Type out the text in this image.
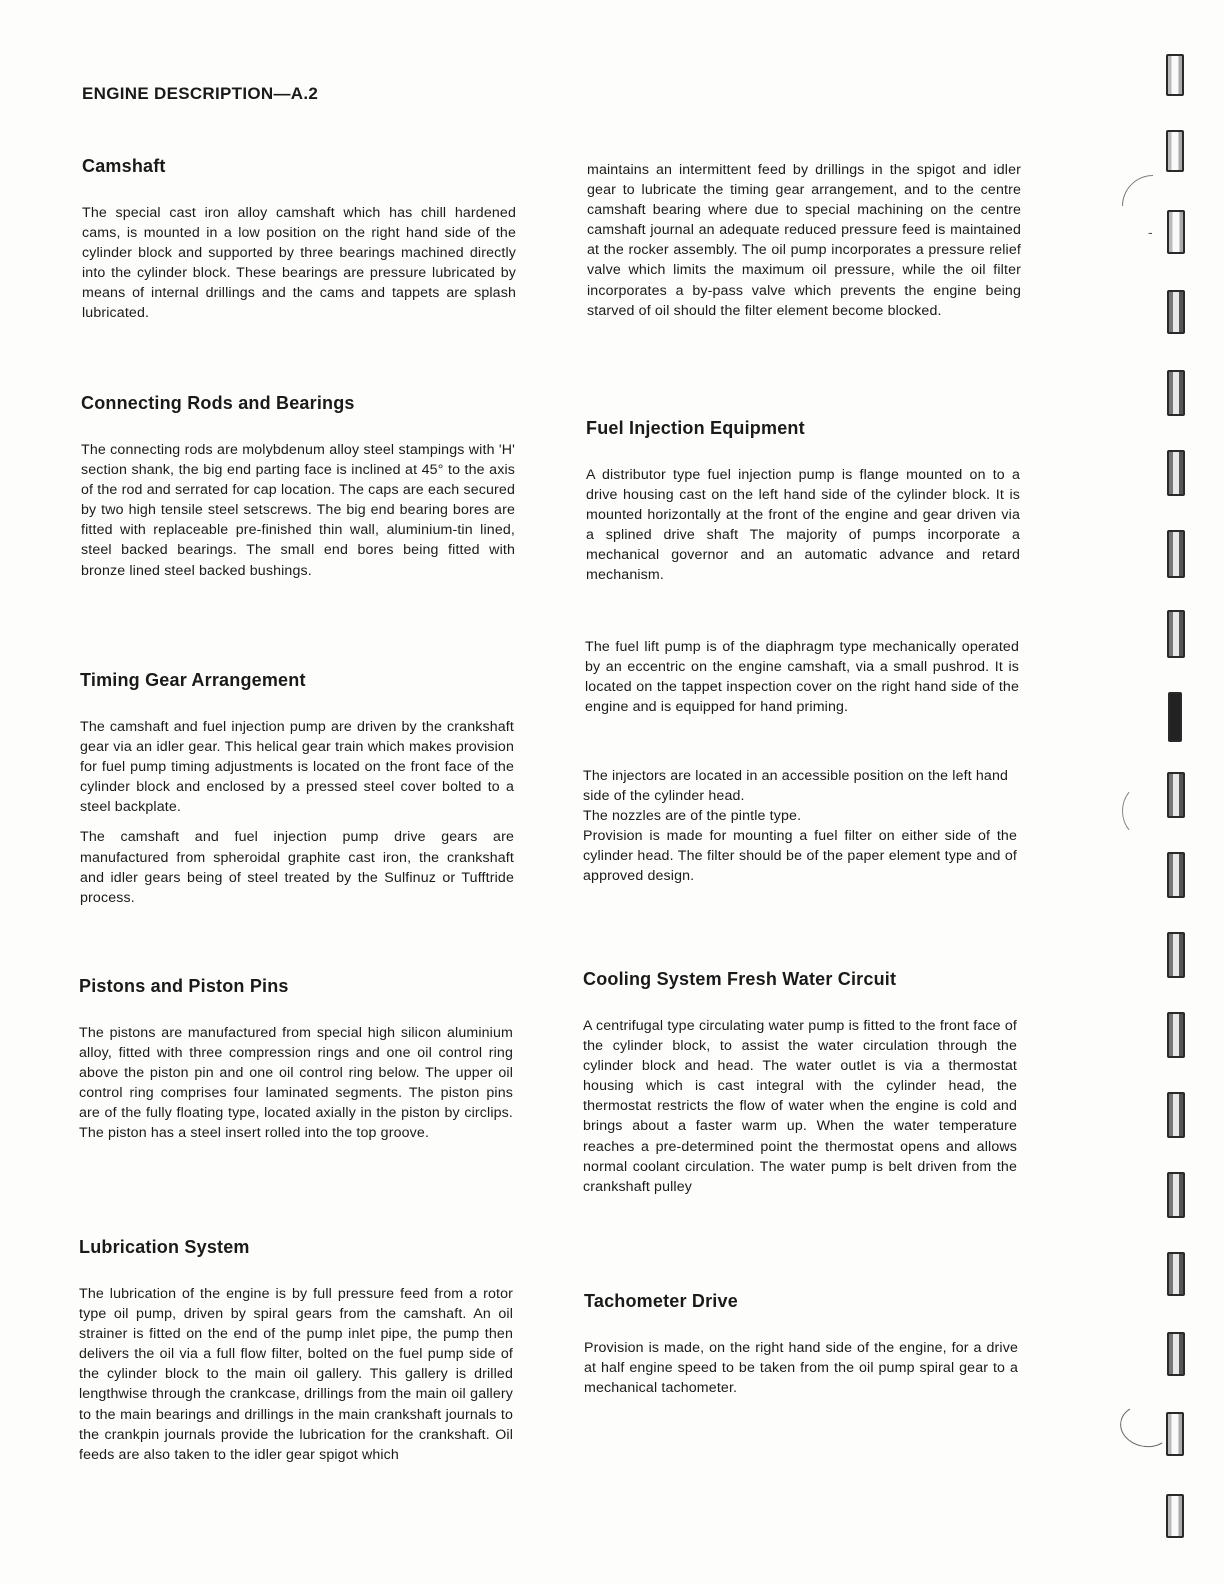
ENGINE DESCRIPTION—A.2
Camshaft

The special cast iron alloy camshaft which has chill hardened cams, is mounted in a low position on the right hand side of the cylinder block and supported by three bearings machined directly into the cylinder block. These bearings are pressure lubricated by means of internal drillings and the cams and tappets are splash lubricated.

Connecting Rods and Bearings

The connecting rods are molybdenum alloy steel stampings with 'H' section shank, the big end parting face is inclined at 45° to the axis of the rod and serrated for cap location. The caps are each secured by two high tensile steel setscrews. The big end bearing bores are fitted with replaceable pre-finished thin wall, aluminium-tin lined, steel backed bearings. The small end bores being fitted with bronze lined steel backed bushings.

Timing Gear Arrangement

The camshaft and fuel injection pump are driven by the crankshaft gear via an idler gear. This helical gear train which makes provision for fuel pump timing adjustments is located on the front face of the cylinder block and enclosed by a pressed steel cover bolted to a steel backplate.

The camshaft and fuel injection pump drive gears are manufactured from spheroidal graphite cast iron, the crankshaft and idler gears being of steel treated by the Sulfinuz or Tufftride process.

Pistons and Piston Pins

The pistons are manufactured from special high silicon aluminium alloy, fitted with three compression rings and one oil control ring above the piston pin and one oil control ring below. The upper oil control ring comprises four laminated segments. The piston pins are of the fully floating type, located axially in the piston by circlips. The piston has a steel insert rolled into the top groove.

Lubrication System

The lubrication of the engine is by full pressure feed from a rotor type oil pump, driven by spiral gears from the camshaft. An oil strainer is fitted on the end of the pump inlet pipe, the pump then delivers the oil via a full flow filter, bolted on the fuel pump side of the cylinder block to the main oil gallery. This gallery is drilled lengthwise through the crankcase, drillings from the main oil gallery to the main bearings and drillings in the main crankshaft journals to the crankpin journals provide the lubrication for the crankshaft. Oil feeds are also taken to the idler gear spigot which

maintains an intermittent feed by drillings in the spigot and idler gear to lubricate the timing gear arrangement, and to the centre camshaft bearing where due to special machining on the centre camshaft journal an adequate reduced pressure feed is maintained at the rocker assembly. The oil pump incorporates a pressure relief valve which limits the maximum oil pressure, while the oil filter incorporates a by-pass valve which prevents the engine being starved of oil should the filter element become blocked.

Fuel Injection Equipment

A distributor type fuel injection pump is flange mounted on to a drive housing cast on the left hand side of the cylinder block. It is mounted horizontally at the front of the engine and gear driven via a splined drive shaft The majority of pumps incorporate a mechanical governor and an automatic advance and retard mechanism.

The fuel lift pump is of the diaphragm type mechanically operated by an eccentric on the engine camshaft, via a small pushrod. It is located on the tappet inspection cover on the right hand side of the engine and is equipped for hand priming.

The injectors are located in an accessible position on the left hand side of the cylinder head.

The nozzles are of the pintle type.

Provision is made for mounting a fuel filter on either side of the cylinder head. The filter should be of the paper element type and of approved design.

Cooling System Fresh Water Circuit

A centrifugal type circulating water pump is fitted to the front face of the cylinder block, to assist the water circulation through the cylinder block and head. The water outlet is via a thermostat housing which is cast integral with the cylinder head, the thermostat restricts the flow of water when the engine is cold and brings about a faster warm up. When the water temperature reaches a pre-determined point the thermostat opens and allows normal coolant circulation. The water pump is belt driven from the crankshaft pulley

Tachometer Drive

Provision is made, on the right hand side of the engine, for a drive at half engine speed to be taken from the oil pump spiral gear to a mechanical tachometer.

-
